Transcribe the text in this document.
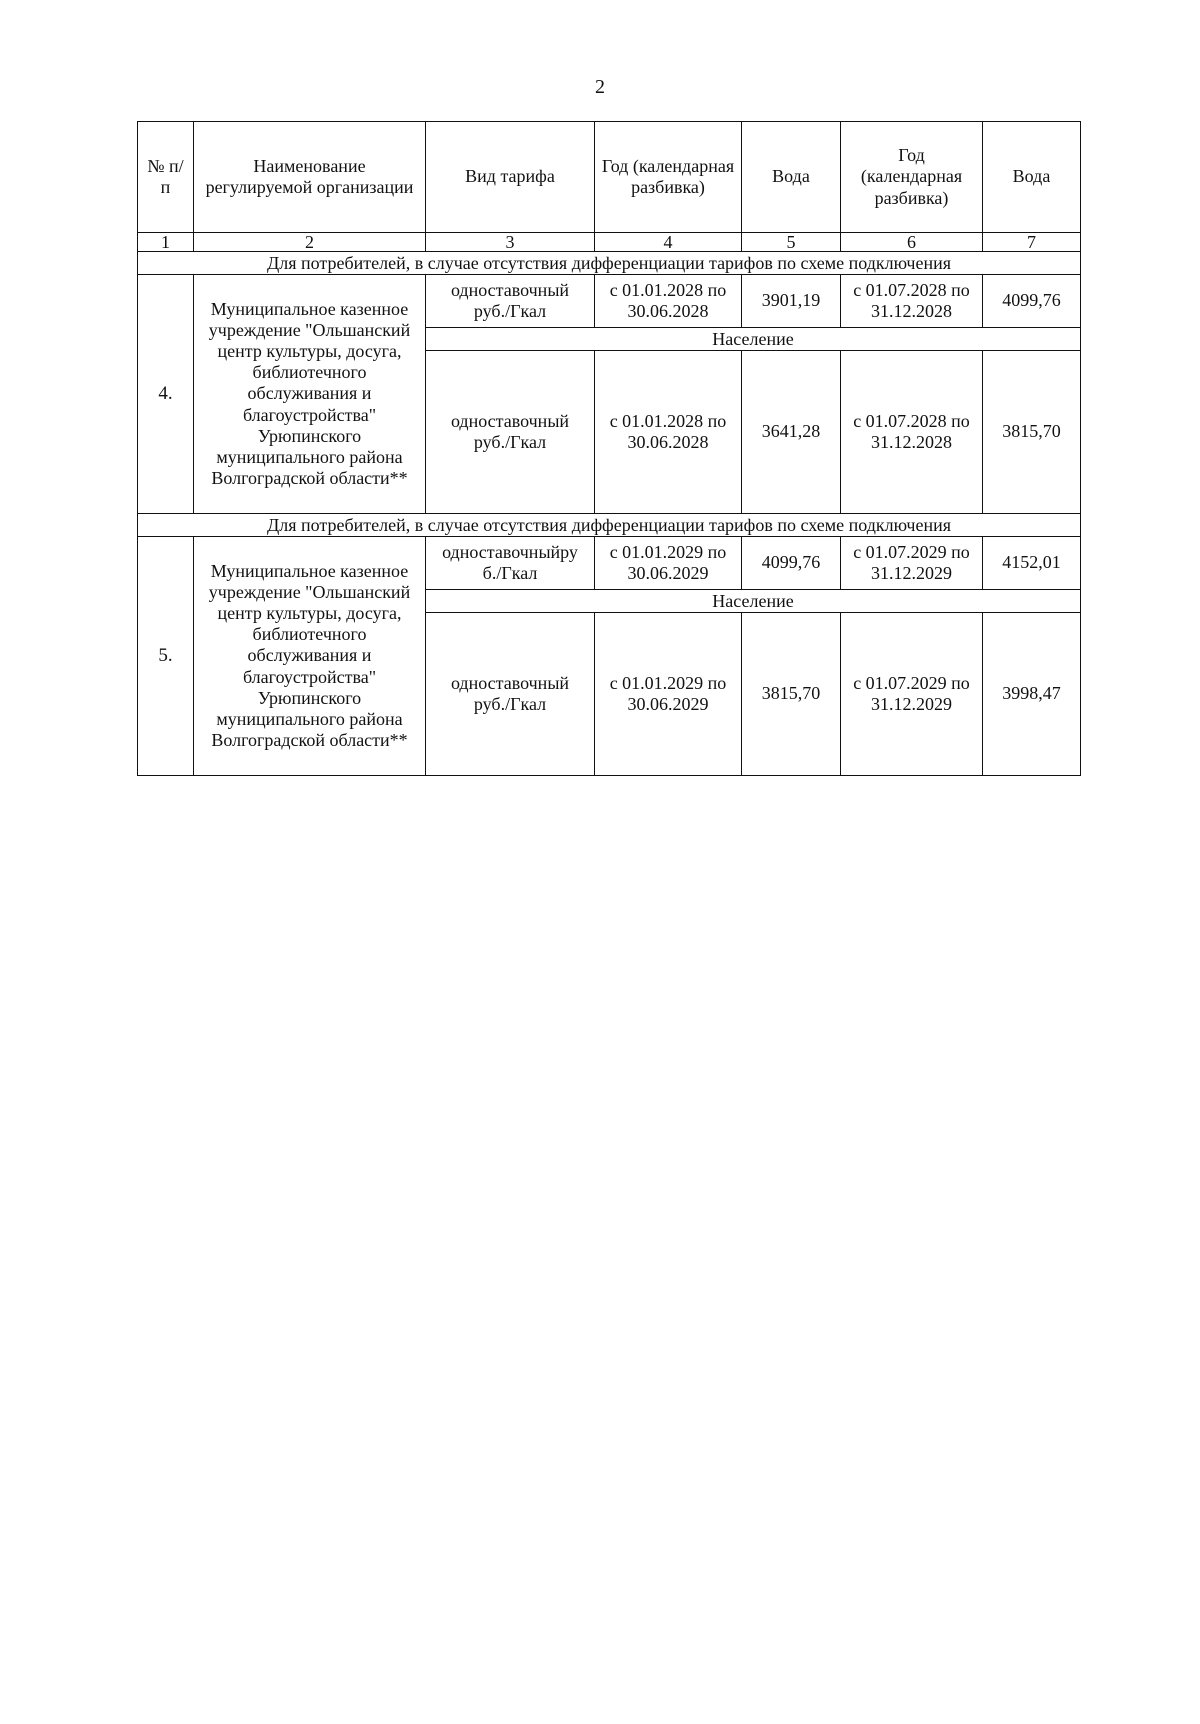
2
№ п/п	Наименование регулируемой организации	Вид тарифа	Год (календарная разбивка)	Вода	Год (календарная разбивка)	Вода
1	2	3	4	5	6	7
Для потребителей, в случае отсутствия дифференциации тарифов по схеме подключения						
4.	Муниципальное казенное учреждение "Ольшанский центр культуры, досуга, библиотечного обслуживания и благоустройства" Урюпинского муниципального района Волгоградской области**	одноставочный руб./Гкал	с 01.01.2028 по 30.06.2028	3901,19	с 01.07.2028 по 31.12.2028	4099,76
		Население				
		одноставочный руб./Гкал	с 01.01.2028 по 30.06.2028	3641,28	с 01.07.2028 по 31.12.2028	3815,70
Для потребителей, в случае отсутствия дифференциации тарифов по схеме подключения						
5.	Муниципальное казенное учреждение "Ольшанский центр культуры, досуга, библиотечного обслуживания и благоустройства" Урюпинского муниципального района Волгоградской области**	одноставочныйру б./Гкал	с 01.01.2029 по 30.06.2029	4099,76	с 01.07.2029 по 31.12.2029	4152,01
		Население				
		одноставочный руб./Гкал	с 01.01.2029 по 30.06.2029	3815,70	с 01.07.2029 по 31.12.2029	3998,47
